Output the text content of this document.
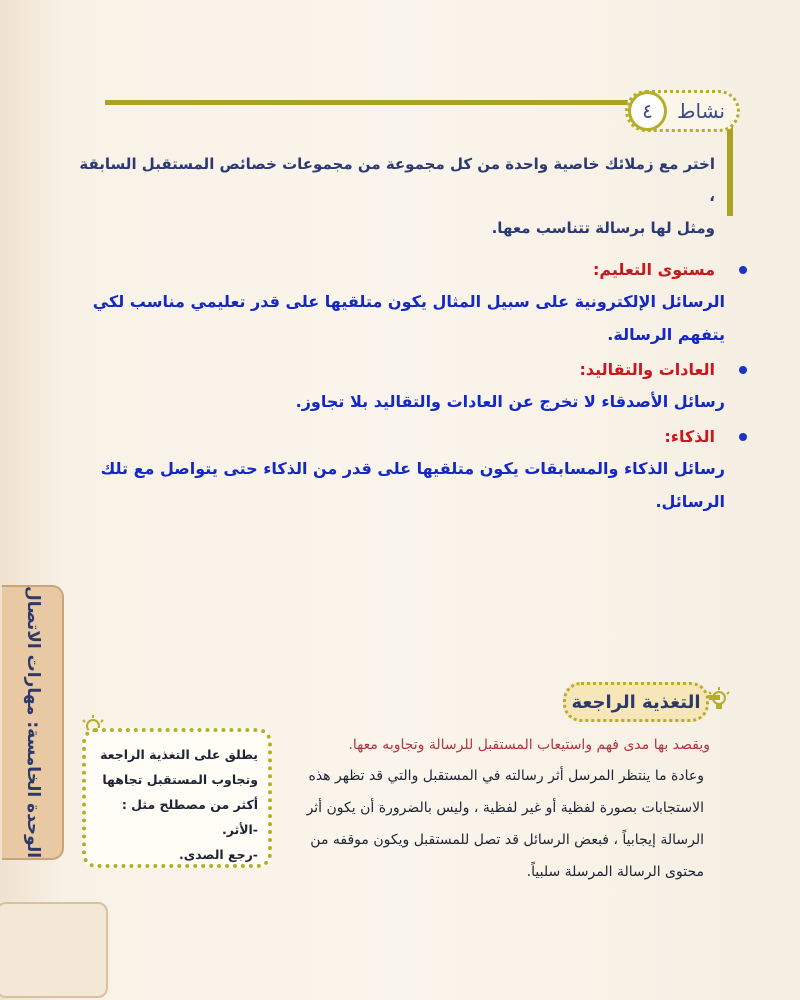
نشاط
٤
اختر مع زملائك خاصية واحدة من كل مجموعة من مجموعات خصائص المستقبل السابقة ،
ومثل لها برسالة تتناسب معها.
مستوى التعليم:
الرسائل الإلكترونية على سبيل المثال يكون متلقيها على قدر تعليمي مناسب لكي
يتفهم الرسالة.
العادات والتقاليد:
رسائل الأصدقاء لا تخرج عن العادات والتقاليد بلا تجاوز.
الذكاء:
رسائل الذكاء والمسابقات يكون متلقيها على قدر من الذكاء حتى يتواصل مع تلك
الرسائل.
الوحدة الخامسة: مهارات الاتصال	التغذية الراجعة
ويقصد بها مدى فهم واستيعاب المستقبل للرسالة وتجاوبه معها.
وعادة ما ينتظر المرسل أثر رسالته في المستقبل والتي قد تظهر هذه
الاستجابات بصورة لفظية أو غير لفظية ، وليس بالضرورة أن يكون أثر
الرسالة إيجابياً ، فبعض الرسائل قد تصل للمستقبل ويكون موقفه من
محتوى الرسالة المرسلة سلبياً.
يطلق على التغذية الراجعة
وتجاوب المستقبل تجاهها
أكثر من مصطلح مثل :
-الأثر.
-رجع الصدى.
